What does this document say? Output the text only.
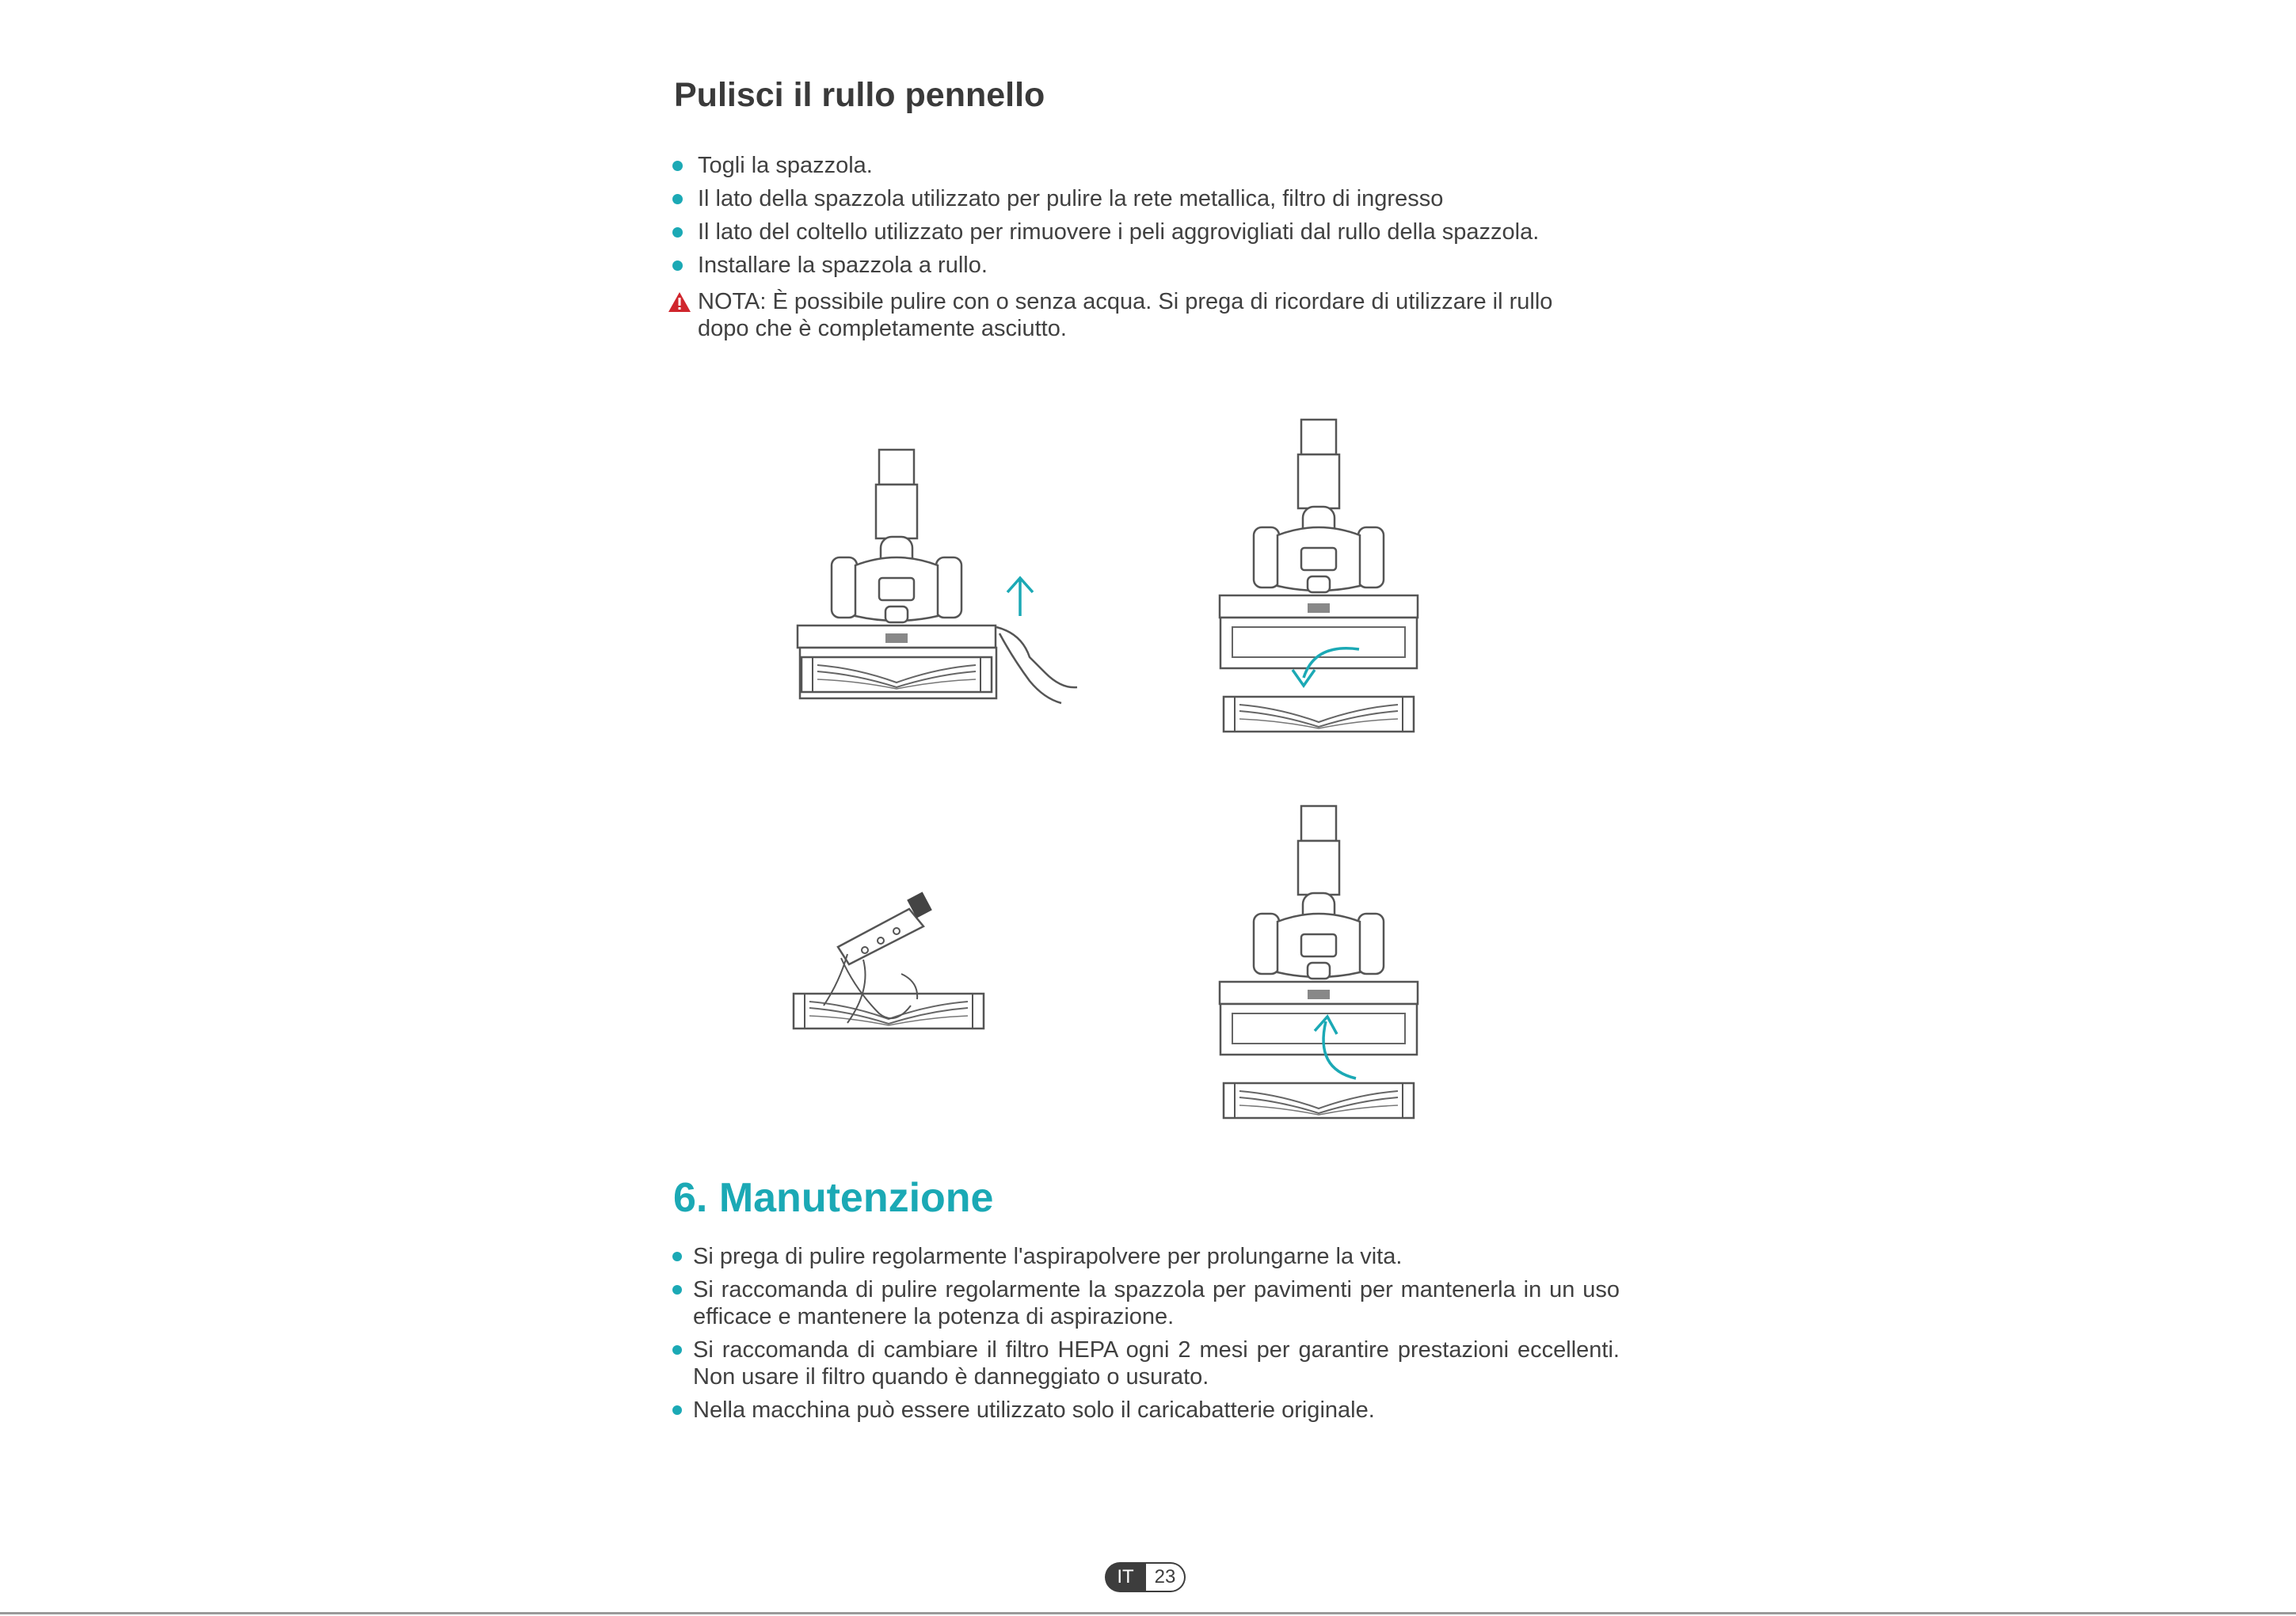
Pulisci il rullo pennello
Togli la spazzola.
Il lato della spazzola utilizzato per pulire la rete metallica, filtro di ingresso
Il lato del coltello utilizzato per rimuovere i peli aggrovigliati dal rullo della spazzola.
Installare la spazzola a rullo.
NOTA: È possibile pulire con o senza acqua. Si prega di ricordare di utilizzare il rullo dopo che è completamente asciutto.
6. Manutenzione
Si prega di pulire regolarmente l'aspirapolvere per prolungarne la vita.
Si raccomanda di pulire regolarmente la spazzola per pavimenti per mantenerla in un uso efficace e mantenere la potenza di aspirazione.
Si raccomanda di cambiare il filtro HEPA ogni 2 mesi per garantire prestazioni eccellenti. Non usare il filtro quando è danneggiato o usurato.
Nella macchina può essere utilizzato solo il caricabatterie originale.
IT	23
